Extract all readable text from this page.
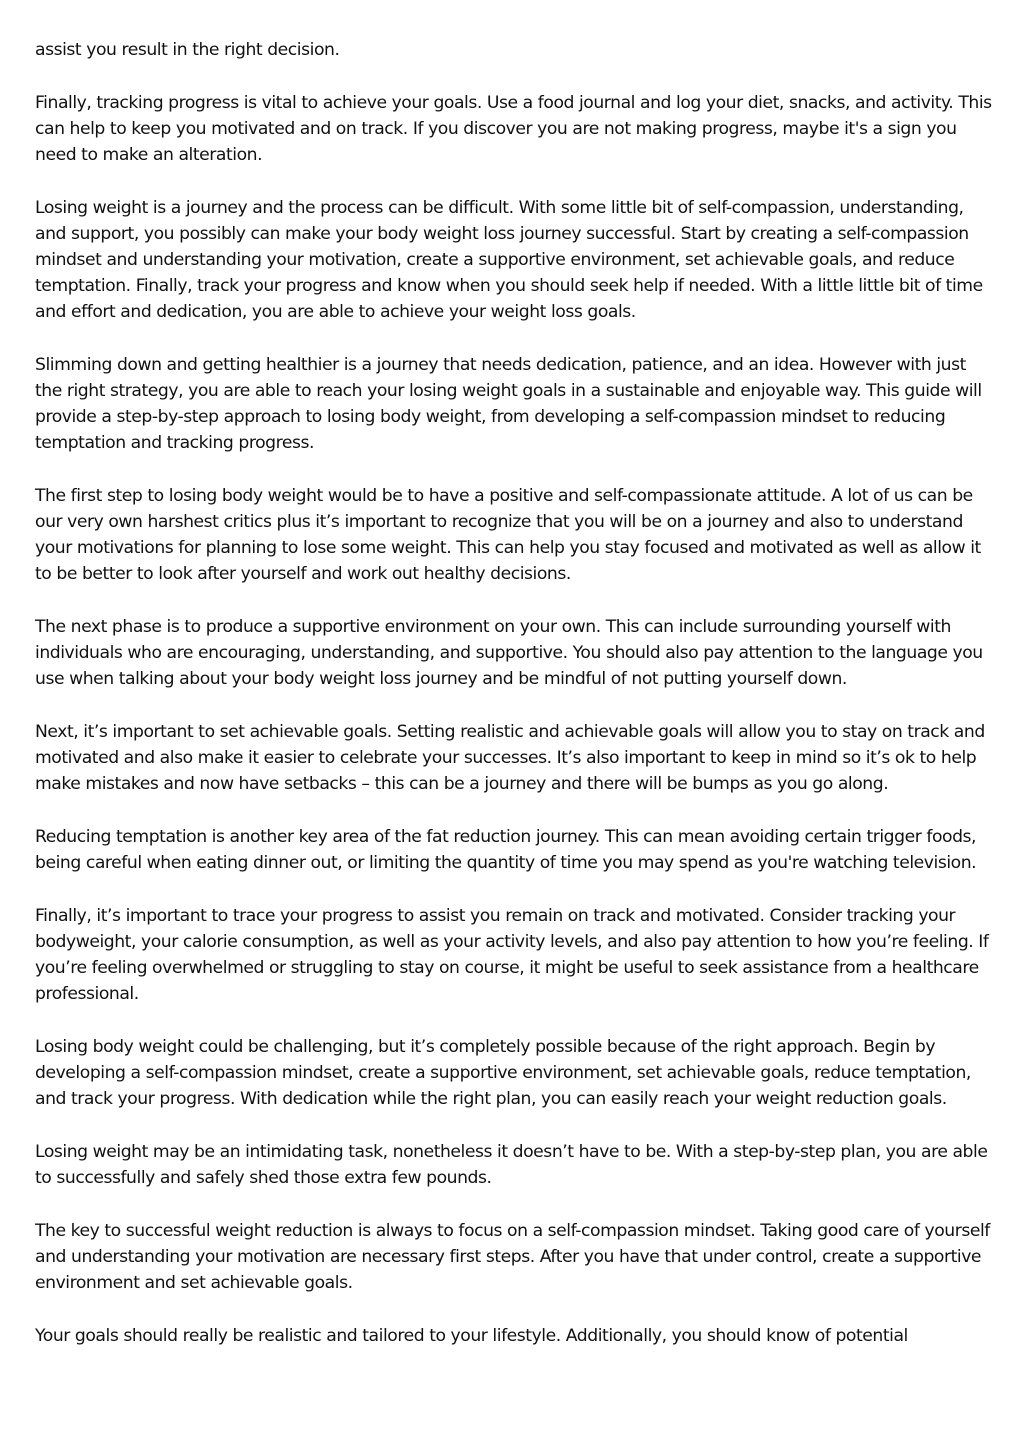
assist you result in the right decision.

Finally, tracking progress is vital to achieve your goals. Use a food journal and log your diet, snacks, and activity. This can help to keep you motivated and on track. If you discover you are not making progress, maybe it's a sign you need to make an alteration.

Losing weight is a journey and the process can be difficult. With some little bit of self-compassion, understanding, and support, you possibly can make your body weight loss journey successful. Start by creating a self-compassion mindset and understanding your motivation, create a supportive environment, set achievable goals, and reduce temptation. Finally, track your progress and know when you should seek help if needed. With a little little bit of time and effort and dedication, you are able to achieve your weight loss goals.

Slimming down and getting healthier is a journey that needs dedication, patience, and an idea. However with just the right strategy, you are able to reach your losing weight goals in a sustainable and enjoyable way. This guide will provide a step-by-step approach to losing body weight, from developing a self-compassion mindset to reducing temptation and tracking progress.

The first step to losing body weight would be to have a positive and self-compassionate attitude. A lot of us can be our very own harshest critics plus it’s important to recognize that you will be on a journey and also to understand your motivations for planning to lose some weight. This can help you stay focused and motivated as well as allow it to be better to look after yourself and work out healthy decisions.

The next phase is to produce a supportive environment on your own. This can include surrounding yourself with individuals who are encouraging, understanding, and supportive. You should also pay attention to the language you use when talking about your body weight loss journey and be mindful of not putting yourself down.

Next, it’s important to set achievable goals. Setting realistic and achievable goals will allow you to stay on track and motivated and also make it easier to celebrate your successes. It’s also important to keep in mind so it’s ok to help make mistakes and now have setbacks – this can be a journey and there will be bumps as you go along.

Reducing temptation is another key area of the fat reduction journey. This can mean avoiding certain trigger foods, being careful when eating dinner out, or limiting the quantity of time you may spend as you're watching television.

Finally, it’s important to trace your progress to assist you remain on track and motivated. Consider tracking your bodyweight, your calorie consumption, as well as your activity levels, and also pay attention to how you’re feeling. If you’re feeling overwhelmed or struggling to stay on course, it might be useful to seek assistance from a healthcare professional.

Losing body weight could be challenging, but it’s completely possible because of the right approach. Begin by developing a self-compassion mindset, create a supportive environment, set achievable goals, reduce temptation, and track your progress. With dedication while the right plan, you can easily reach your weight reduction goals.

Losing weight may be an intimidating task, nonetheless it doesn’t have to be. With a step-by-step plan, you are able to successfully and safely shed those extra few pounds.

The key to successful weight reduction is always to focus on a self-compassion mindset. Taking good care of yourself and understanding your motivation are necessary first steps. After you have that under control, create a supportive environment and set achievable goals.

Your goals should really be realistic and tailored to your lifestyle. Additionally, you should know of potential
